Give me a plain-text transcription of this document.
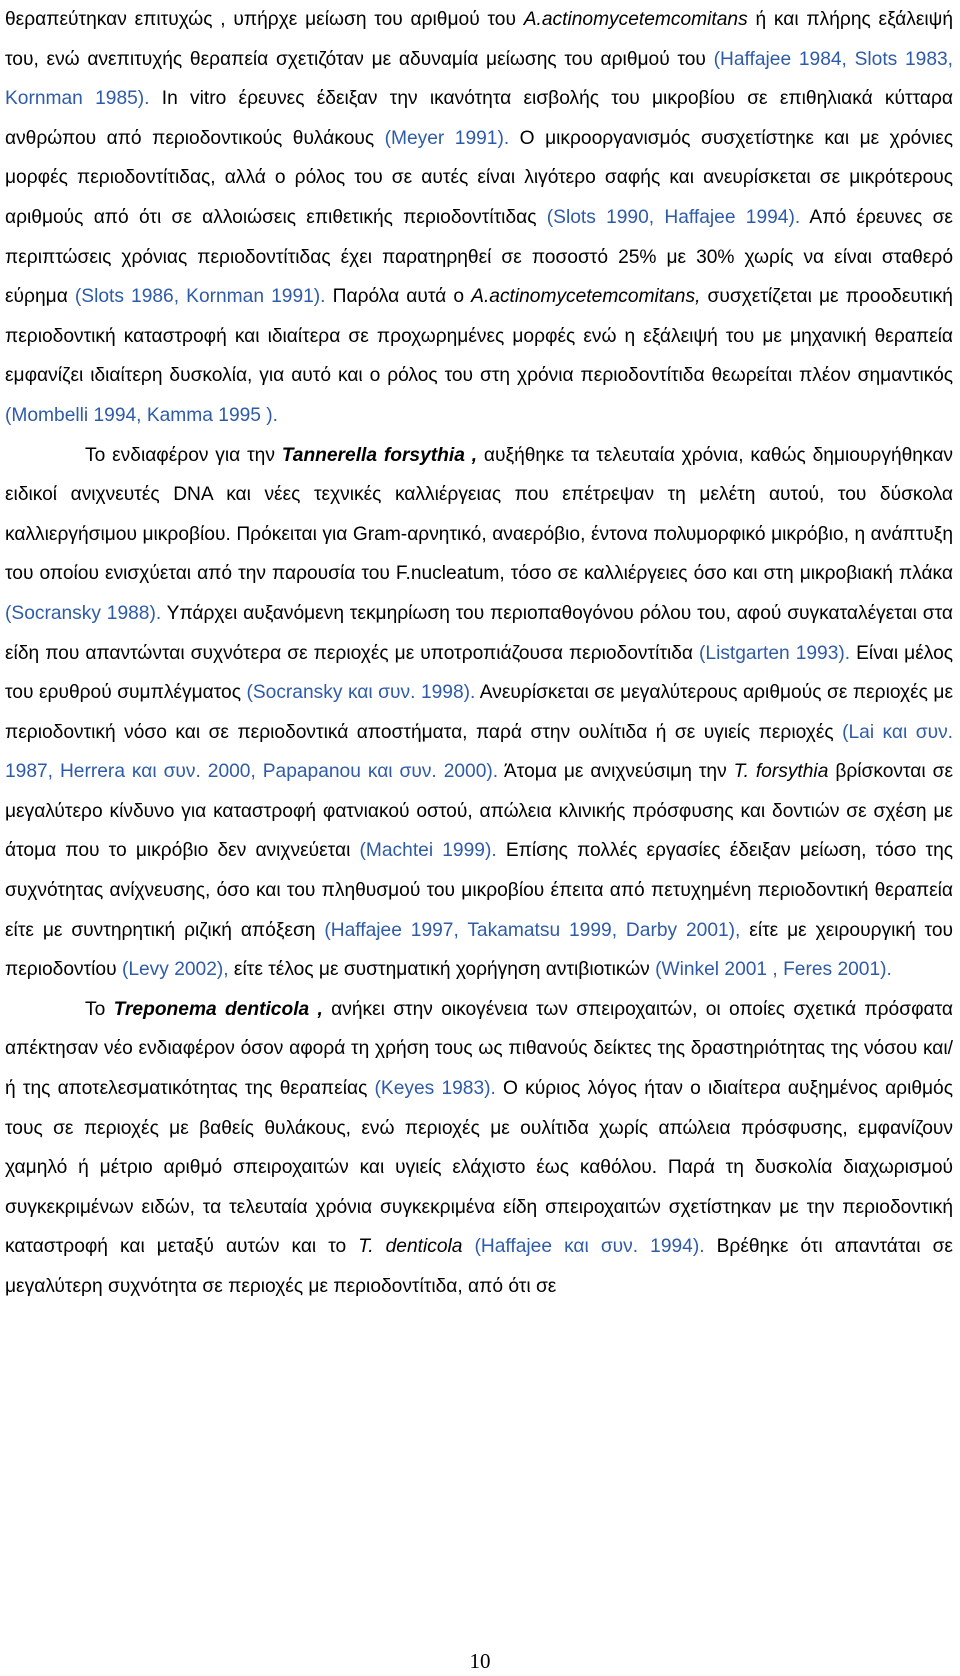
θεραπεύτηκαν επιτυχώς , υπήρχε μείωση του αριθμού του A.actinomycetemcomitans ή και πλήρης εξάλειψή του, ενώ ανεπιτυχής θεραπεία σχετιζόταν με αδυναμία μείωσης του αριθμού του (Haffajee 1984, Slots 1983, Kornman 1985). In vitro έρευνες έδειξαν την ικανότητα εισβολής του μικροβίου σε επιθηλιακά κύτταρα ανθρώπου από περιοδοντικούς θυλάκους (Meyer 1991). Ο μικροοργανισμός συσχετίστηκε και με χρόνιες μορφές περιοδοντίτιδας, αλλά ο ρόλος του σε αυτές είναι λιγότερο σαφής και ανευρίσκεται σε μικρότερους αριθμούς από ότι σε αλλοιώσεις επιθετικής περιοδοντίτιδας (Slots 1990, Haffajee 1994). Από έρευνες σε περιπτώσεις χρόνιας περιοδοντίτιδας έχει παρατηρηθεί σε ποσοστό 25% με 30% χωρίς να είναι σταθερό εύρημα (Slots 1986, Kornman 1991). Παρόλα αυτά ο A.actinomycetemcomitans, συσχετίζεται με προοδευτική περιοδοντική καταστροφή και ιδιαίτερα σε προχωρημένες μορφές ενώ η εξάλειψή του με μηχανική θεραπεία εμφανίζει ιδιαίτερη δυσκολία, για αυτό και ο ρόλος του στη χρόνια περιοδοντίτιδα θεωρείται πλέον σημαντικός (Mombelli 1994, Kamma 1995 ).

Το ενδιαφέρον για την Tannerella forsythia , αυξήθηκε τα τελευταία χρόνια, καθώς δημιουργήθηκαν ειδικοί ανιχνευτές DNA και νέες τεχνικές καλλιέργειας που επέτρεψαν τη μελέτη αυτού, του δύσκολα καλλιεργήσιμου μικροβίου. Πρόκειται για Gram-αρνητικό, αναερόβιο, έντονα πολυμορφικό μικρόβιο, η ανάπτυξη του οποίου ενισχύεται από την παρουσία του F.nucleatum, τόσο σε καλλιέργειες όσο και στη μικροβιακή πλάκα (Socransky 1988). Υπάρχει αυξανόμενη τεκμηρίωση του περιοπαθογόνου ρόλου του, αφού συγκαταλέγεται στα είδη που απαντώνται συχνότερα σε περιοχές με υποτροπιάζουσα περιοδοντίτιδα (Listgarten 1993). Είναι μέλος του ερυθρού συμπλέγματος (Socransky και συν. 1998). Ανευρίσκεται σε μεγαλύτερους αριθμούς σε περιοχές με περιοδοντική νόσο και σε περιοδοντικά αποστήματα, παρά στην ουλίτιδα ή σε υγιείς περιοχές (Lai και συν. 1987, Herrera και συν. 2000, Papapanou και συν. 2000). Άτομα με ανιχνεύσιμη την T. forsythia βρίσκονται σε μεγαλύτερο κίνδυνο για καταστροφή φατνιακού οστού, απώλεια κλινικής πρόσφυσης και δοντιών σε σχέση με άτομα που το μικρόβιο δεν ανιχνεύεται (Machtei 1999). Επίσης πολλές εργασίες έδειξαν μείωση, τόσο της συχνότητας ανίχνευσης, όσο και του πληθυσμού του μικροβίου έπειτα από πετυχημένη περιοδοντική θεραπεία είτε με συντηρητική ριζική απόξεση (Haffajee 1997, Takamatsu 1999, Darby 2001), είτε με χειρουργική του περιοδοντίου (Levy 2002), είτε τέλος με συστηματική χορήγηση αντιβιοτικών (Winkel 2001 , Feres 2001).

Το Treponema denticola , ανήκει στην οικογένεια των σπειροχαιτών, οι οποίες σχετικά πρόσφατα απέκτησαν νέο ενδιαφέρον όσον αφορά τη χρήση τους ως πιθανούς δείκτες της δραστηριότητας της νόσου και/ή της αποτελεσματικότητας της θεραπείας (Keyes 1983). Ο κύριος λόγος ήταν ο ιδιαίτερα αυξημένος αριθμός τους σε περιοχές με βαθείς θυλάκους, ενώ περιοχές με ουλίτιδα χωρίς απώλεια πρόσφυσης, εμφανίζουν χαμηλό ή μέτριο αριθμό σπειροχαιτών και υγιείς ελάχιστο έως καθόλου. Παρά τη δυσκολία διαχωρισμού συγκεκριμένων ειδών, τα τελευταία χρόνια συγκεκριμένα είδη σπειροχαιτών σχετίστηκαν με την περιοδοντική καταστροφή και μεταξύ αυτών και το T. denticola (Haffajee και συν. 1994). Βρέθηκε ότι απαντάται σε μεγαλύτερη συχνότητα σε περιοχές με περιοδοντίτιδα, από ότι σε

10
